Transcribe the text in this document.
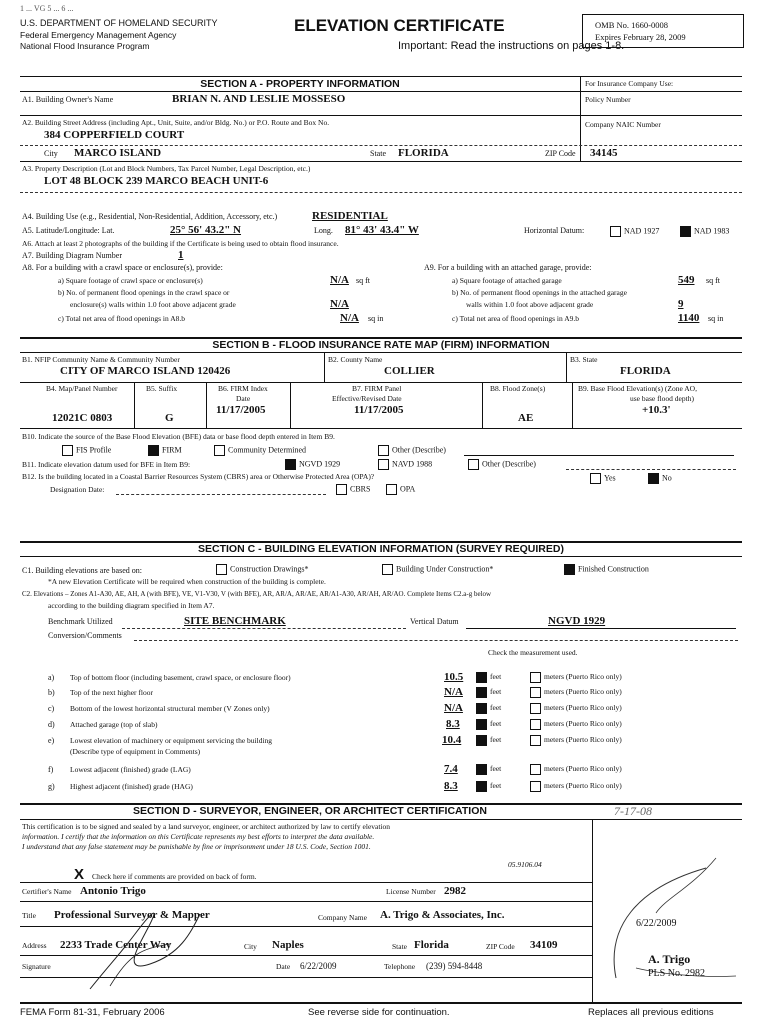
1 ... VG 5 ... 6 ...
U.S. DEPARTMENT OF HOMELAND SECURITY
Federal Emergency Management Agency
National Flood Insurance Program
ELEVATION CERTIFICATE
Important: Read the instructions on pages 1-8.
OMB No. 1660-0008
Expires February 28, 2009
SECTION A - PROPERTY INFORMATION	For Insurance Company Use:
Policy Number
Company NAIC Number
A1. Building Owner's Name	BRIAN N. AND LESLIE MOSSESO
A2. Building Street Address (including Apt., Unit, Suite, and/or Bldg. No.) or P.O. Route and Box No.
384 COPPERFIELD COURT
City MARCO ISLAND	State FLORIDA	ZIP Code 34145
A3. Property Description (Lot and Block Numbers, Tax Parcel Number, Legal Description, etc.)
LOT 48 BLOCK 239 MARCO BEACH UNIT-6
A4. Building Use (e.g., Residential, Non-Residential, Addition, Accessory, etc.)	RESIDENTIAL
A5. Latitude/Longitude: Lat.	25° 56' 43.2" N	Long. 81° 43' 43.4" W	Horizontal Datum:	NAD 1927	NAD 1983
A6. Attach at least 2 photographs of the building if the Certificate is being used to obtain flood insurance.
A7. Building Diagram Number	1
A8. For a building with a crawl space or enclosure(s), provide:
a) Square footage of crawl space or enclosure(s)	N/A sq ft
b) No. of permanent flood openings in the crawl space or
enclosure(s) walls within 1.0 foot above adjacent grade	N/A
c) Total net area of flood openings in A8.b	N/A sq in
A9. For a building with an attached garage, provide:
a) Square footage of attached garage	549 sq ft
b) No. of permanent flood openings in the attached garage
walls within 1.0 foot above adjacent grade	9
c) Total net area of flood openings in A9.b	1140 sq in
SECTION B - FLOOD INSURANCE RATE MAP (FIRM) INFORMATION
B1. NFIP Community Name & Community Number
CITY OF MARCO ISLAND 120426
B2. County Name
COLLIER
B3. State
FLORIDA
B4. Map/Panel Number
12021C 0803
B5. Suffix
G
B6. FIRM Index
Date
11/17/2005
B7. FIRM Panel
Effective/Revised Date
11/17/2005
B8. Flood Zone(s)
AE
B9. Base Flood Elevation(s) (Zone AO,
use base flood depth)
+10.3'
B10. Indicate the source of the Base Flood Elevation (BFE) data or base flood depth entered in Item B9.
FIS Profile	FIRM	Community Determined	Other (Describe)
B11. Indicate elevation datum used for BFE in Item B9:	NGVD 1929	NAVD 1988	Other (Describe)
B12. Is the building located in a Coastal Barrier Resources System (CBRS) area or Otherwise Protected Area (OPA)?	Yes	No
Designation Date:	CBRS	OPA
SECTION C - BUILDING ELEVATION INFORMATION (SURVEY REQUIRED)
C1. Building elevations are based on:	Construction Drawings*	Building Under Construction*	Finished Construction
*A new Elevation Certificate will be required when construction of the building is complete.
C2. Elevations – Zones A1-A30, AE, AH, A (with BFE), VE, V1-V30, V (with BFE), AR, AR/A, AR/AE, AR/A1-A30, AR/AH, AR/AO. Complete Items C2.a-g below
according to the building diagram specified in Item A7.
Benchmark Utilized	SITE BENCHMARK	Vertical Datum	NGVD 1929
Conversion/Comments
Check the measurement used.
a) Top of bottom floor (including basement, crawl space, or enclosure floor)	10.5	feet	meters (Puerto Rico only)
b) Top of the next higher floor	N/A	feet	meters (Puerto Rico only)
c) Bottom of the lowest horizontal structural member (V Zones only)	N/A	feet	meters (Puerto Rico only)
d) Attached garage (top of slab)	8.3	feet	meters (Puerto Rico only)
e) Lowest elevation of machinery or equipment servicing the building
(Describe type of equipment in Comments)
10.4	feet	meters (Puerto Rico only)
f) Lowest adjacent (finished) grade (LAG)	7.4	feet	meters (Puerto Rico only)
g) Highest adjacent (finished) grade (HAG)	8.3	feet	meters (Puerto Rico only)
SECTION D - SURVEYOR, ENGINEER, OR ARCHITECT CERTIFICATION	7-17-08
This certification is to be signed and sealed by a land surveyor, engineer, or architect authorized by law to certify elevation
information. I certify that the information on this Certificate represents my best efforts to interpret the data available.
I understand that any false statement may be punishable by fine or imprisonment under 18 U.S. Code, Section 1001.
05.9106.04
X Check here if comments are provided on back of form.
Certifier's Name Antonio Trigo	License Number 2982
Title Professional Surveyor & Mapper	Company Name A. Trigo & Associates, Inc.
Address 2233 Trade Center Way	City Naples	State Florida	ZIP Code 34109
Signature	Date 6/22/2009	Telephone (239) 594-8448
6/22/2009
A. Trigo
PLS No. 2982
FEMA Form 81-31, February 2006	See reverse side for continuation.	Replaces all previous editions
